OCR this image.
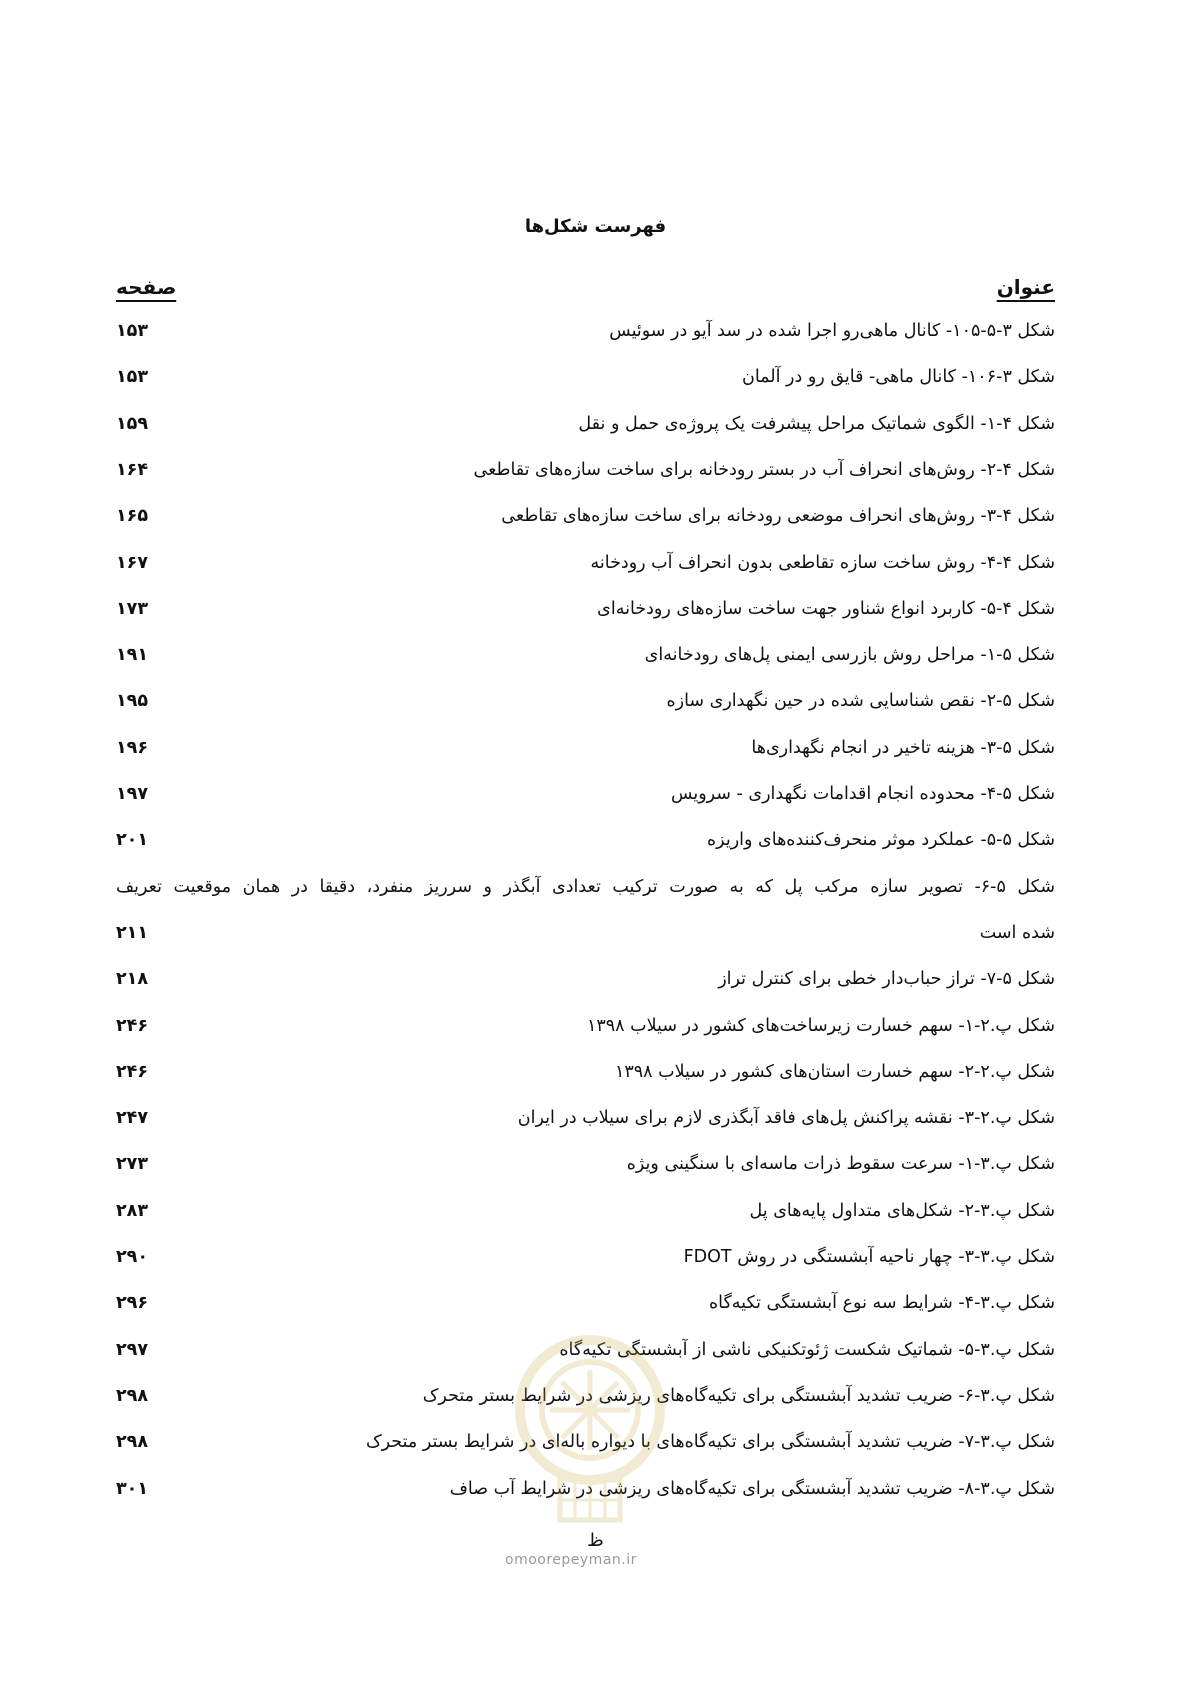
فهرست شکل‌ها
عنوان
صفحه
شکل ۳-۵-۱۰۵- کانال ماهی‌رو اجرا شده در سد آیو در سوئیس
۱۵۳
شکل ۳-۱۰۶- کانال ماهی- قایق رو در آلمان
۱۵۳
شکل ۴-۱- الگوی شماتیک مراحل پیشرفت یک پروژه‌ی حمل و نقل
۱۵۹
شکل ۴-۲- روش‌های انحراف آب در بستر رودخانه برای ساخت سازه‌های تقاطعی
۱۶۴
شکل ۴-۳- روش‌های انحراف موضعی رودخانه برای ساخت سازه‌های تقاطعی
۱۶۵
شکل ۴-۴- روش ساخت سازه تقاطعی بدون انحراف آب رودخانه
۱۶۷
شکل ۴-۵- کاربرد انواع شناور جهت ساخت سازه‌های رودخانه‌ای
۱۷۳
شکل ۵-۱- مراحل روش بازرسی ایمنی پل‌های رودخانه‌ای
۱۹۱
شکل ۵-۲- نقص شناسایی شده در حین نگهداری سازه
۱۹۵
شکل ۵-۳- هزینه تاخیر در انجام نگهداری‌ها
۱۹۶
شکل ۵-۴- محدوده انجام اقدامات نگهداری - سرویس
۱۹۷
شکل ۵-۵- عملکرد موثر منحرف‌کننده‌های واریزه
۲۰۱
شکل ۵-۶- تصویر سازه مرکب پل که به صورت ترکیب تعدادی آبگذر و سرریز منفرد، دقیقا در همان موقعیت تعریف
شده است
۲۱۱
شکل ۵-۷- تراز حباب‌دار خطی برای کنترل تراز
۲۱۸
شکل پ.۲-۱- سهم خسارت زیرساخت‌های کشور در سیلاب ۱۳۹۸
۲۴۶
شکل پ.۲-۲- سهم خسارت استان‌های کشور در سیلاب ۱۳۹۸
۲۴۶
شکل پ.۲-۳- نقشه پراکنش پل‌های فاقد آبگذری لازم برای سیلاب در ایران
۲۴۷
شکل پ.۳-۱- سرعت سقوط ذرات ماسه‌ای با سنگینی ویژه
۲۷۳
شکل پ.۳-۲- شکل‌های متداول پایه‌های پل
۲۸۳
شکل پ.۳-۳- چهار ناحیه آبشستگی در روش FDOT
۲۹۰
شکل پ.۳-۴- شرایط سه نوع آبشستگی تکیه‌گاه
۲۹۶
شکل پ.۳-۵- شماتیک شکست ژئوتکنیکی ناشی از آبشستگی تکیه‌گاه
۲۹۷
شکل پ.۳-۶- ضریب تشدید آبشستگی برای تکیه‌گاه‌های ریزشی در شرایط بستر متحرک
۲۹۸
شکل پ.۳-۷- ضریب تشدید آبشستگی برای تکیه‌گاه‌های با دیواره باله‌ای در شرایط بستر متحرک
۲۹۸
شکل پ.۳-۸- ضریب تشدید آبشستگی برای تکیه‌گاه‌های ریزشی در شرایط آب صاف
۳۰۱
omoorepeyman.ir
ظ
